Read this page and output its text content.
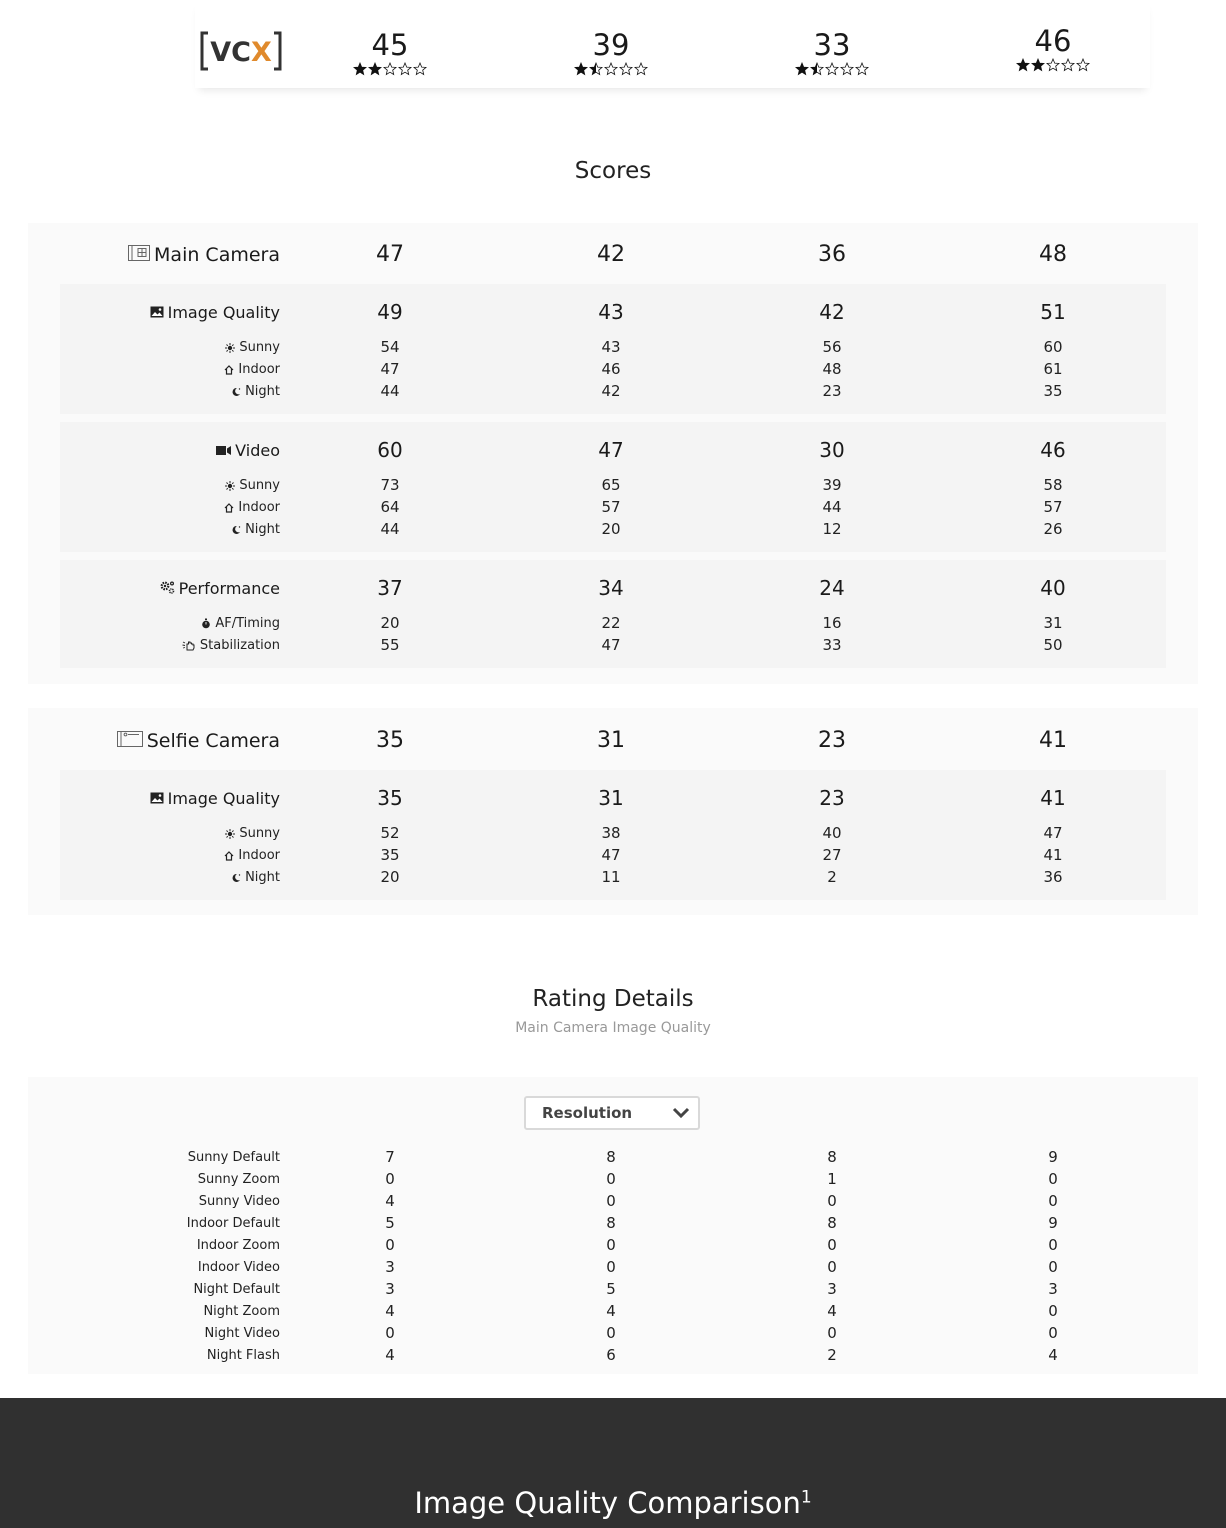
VCX	45	39	33	46
Scores
Main Camera	47	42	36	48
Image Quality	49	43	42	51
Sunny	54	43	56	60
Indoor	47	46	48	61
Night	44	42	23	35
Video	60	47	30	46
Sunny	73	65	39	58
Indoor	64	57	44	57
Night	44	20	12	26
Performance	37	34	24	40
AF/Timing	20	22	16	31
Stabilization	55	47	33	50
Selfie Camera	35	31	23	41
Image Quality	35	31	23	41
Sunny	52	38	40	47
Indoor	35	47	27	41
Night	20	11	2	36
Rating Details
Main Camera Image Quality
Resolution
Sunny Default	7	8	8	9
Sunny Zoom	0	0	1	0
Sunny Video	4	0	0	0
Indoor Default	5	8	8	9
Indoor Zoom	0	0	0	0
Indoor Video	3	0	0	0
Night Default	3	5	3	3
Night Zoom	4	4	4	0
Night Video	0	0	0	0
Night Flash	4	6	2	4
Image Quality Comparison$^1$
